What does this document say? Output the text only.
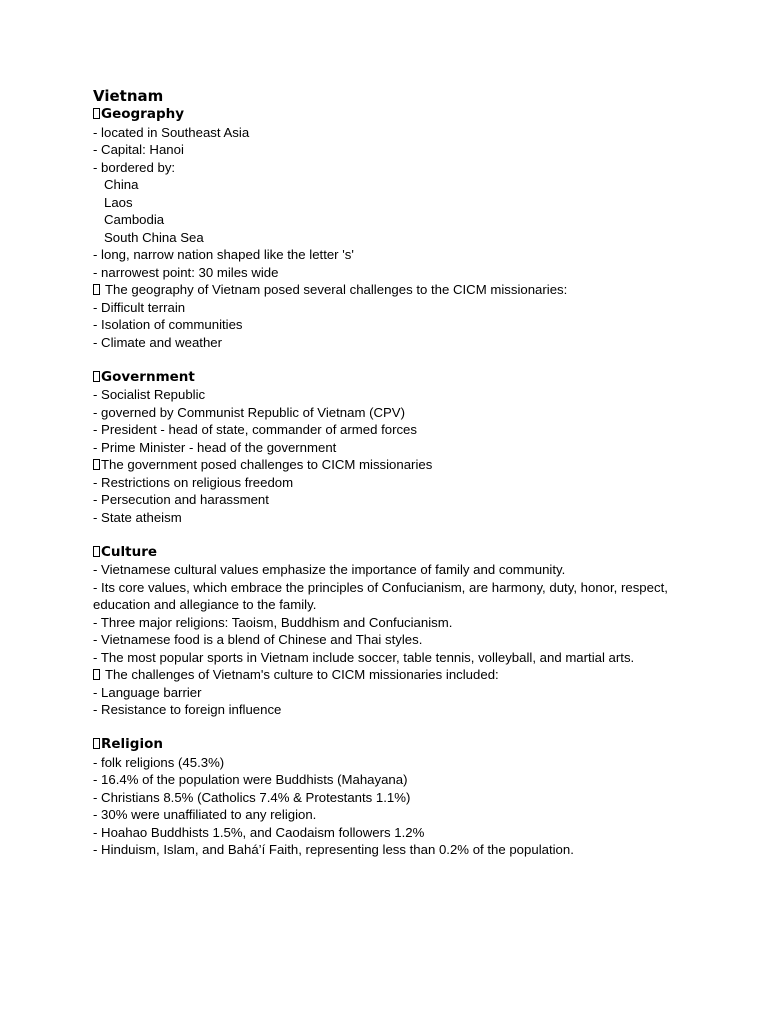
Vietnam
Geography
- located in Southeast Asia
- Capital: Hanoi
- bordered by:
China
Laos
Cambodia
South China Sea
- long, narrow nation shaped like the letter 's'
- narrowest point: 30 miles wide
The geography of Vietnam posed several challenges to the CICM missionaries:
- Difficult terrain
- Isolation of communities
- Climate and weather
Government
- Socialist Republic
- governed by Communist Republic of Vietnam (CPV)
- President - head of state, commander of armed forces
- Prime Minister - head of the government
The government posed challenges to CICM missionaries
- Restrictions on religious freedom
- Persecution and harassment
- State atheism
Culture
- Vietnamese cultural values emphasize the importance of family and community.
- Its core values, which embrace the principles of Confucianism, are harmony, duty, honor, respect, education and allegiance to the family.
- Three major religions: Taoism, Buddhism and Confucianism.
- Vietnamese food is a blend of Chinese and Thai styles.
- The most popular sports in Vietnam include soccer, table tennis, volleyball, and martial arts.
The challenges of Vietnam's culture to CICM missionaries included:
- Language barrier
- Resistance to foreign influence
Religion
- folk religions (45.3%)
- 16.4% of the population were Buddhists (Mahayana)
- Christians 8.5% (Catholics 7.4% & Protestants 1.1%)
- 30% were unaffiliated to any religion.
- Hoahao Buddhists 1.5%, and Caodaism followers 1.2%
- Hinduism, Islam, and Bahá’í Faith, representing less than 0.2% of the population.
